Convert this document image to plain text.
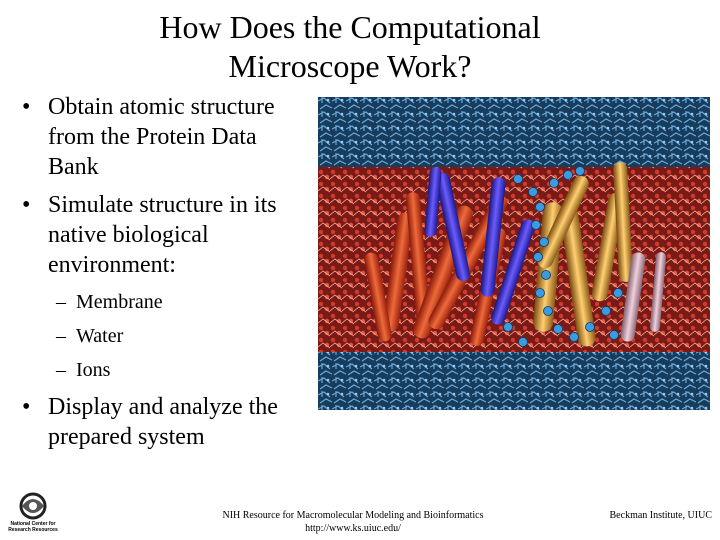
How Does the Computational
Microscope Work?
• Obtain atomic structure from the Protein Data Bank
• Simulate structure in its native biological environment:
– Membrane
– Water
– Ions
• Display and analyze the prepared system
National Center for
Research Resources
NIH Resource for Macromolecular Modeling and Bioinformatics
http://www.ks.uiuc.edu/
Beckman Institute, UIUC
